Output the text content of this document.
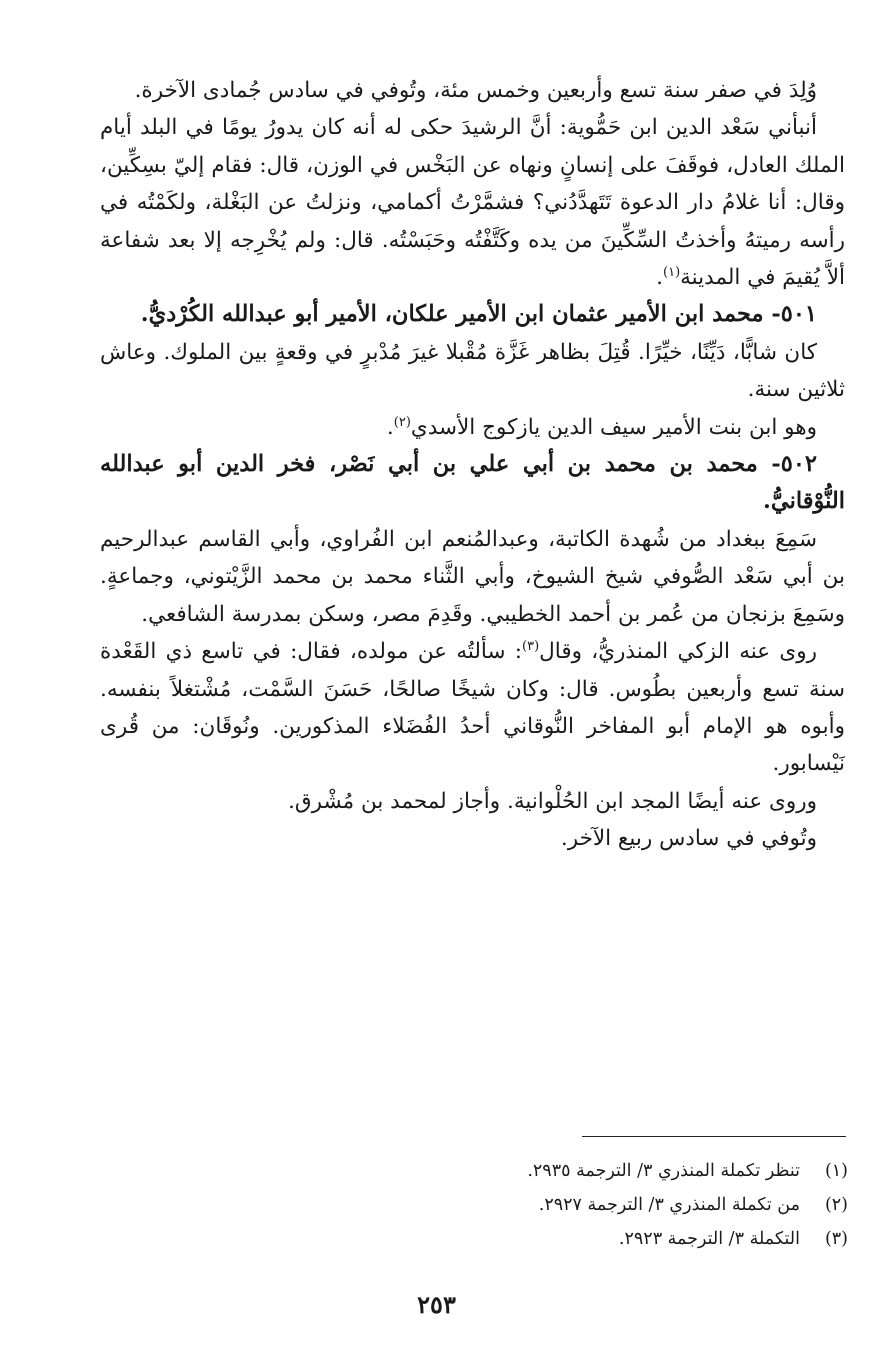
وُلِدَ في صفر سنة تسع وأربعين وخمس مئة، وتُوفي في سادس جُمادى الآخرة.

أنبأني سَعْد الدين ابن حَمُّوية: أنَّ الرشيدَ حكى له أنه كان يدورُ يومًا في البلد أيام الملك العادل، فوقَفَ على إنسانٍ ونهاه عن البَخْس في الوزن، قال: فقام إليّ بسِكِّين، وقال: أنا غلامُ دار الدعوة تَتَهدَّدُني؟ فشمَّرْتُ أكمامي، ونزلتُ عن البَغْلة، ولكَمْتُه في رأسه رميتهُ وأخذتُ السِّكِّينَ من يده وكَتَّفْتُه وحَبَسْتُه. قال: ولم يُخْرِجه إلا بعد شفاعة ألاَّ يُقيمَ في المدينة$^{(١)}$.

٥٠١- محمد ابن الأمير عثمان ابن الأمير علكان، الأمير أبو عبدالله الكُرْديُّ.

كان شابًّا، دَيِّنًا، خيِّرًا. قُتِلَ بظاهر غَزَّة مُقْبلا غيرَ مُدْبرٍ في وقعةٍ بين الملوك. وعاش ثلاثين سنة.

وهو ابن بنت الأمير سيف الدين يازكوج الأسدي$^{(٢)}$.

٥٠٢- محمد بن محمد بن أبي علي بن أبي نَصْر، فخر الدين أبو عبدالله النُّوْقانيُّ.

سَمِعَ ببغداد من شُهدة الكاتبة، وعبدالمُنعم ابن الفُراوي، وأبي القاسم عبدالرحيم بن أبي سَعْد الصُّوفي شيخ الشيوخ، وأبي الثَّناء محمد بن محمد الزَّيْتوني، وجماعةٍ. وسَمِعَ بزنجان من عُمر بن أحمد الخطيبي. وقَدِمَ مصر، وسكن بمدرسة الشافعي.

روى عنه الزكي المنذريُّ، وقال$^{(٣)}$: سألتُه عن مولده، فقال: في تاسع ذي القَعْدة سنة تسع وأربعين بطُوس. قال: وكان شيخًا صالحًا، حَسَنَ السَّمْت، مُشْتغلاً بنفسه. وأبوه هو الإمام أبو المفاخر النُّوقاني أحدُ الفُضَلاء المذكورين. ونُوقَان: من قُرى نَيْسابور.

وروى عنه أيضًا المجد ابن الحُلْوانية. وأجاز لمحمد بن مُشْرق.

وتُوفي في سادس ربيع الآخر.

(١)
تنظر تكملة المنذري ٣/ الترجمة ٢٩٣٥.
(٢)
من تكملة المنذري ٣/ الترجمة ٢٩٢٧.
(٣)
التكملة ٣/ الترجمة ٢٩٢٣.
٢٥٣
